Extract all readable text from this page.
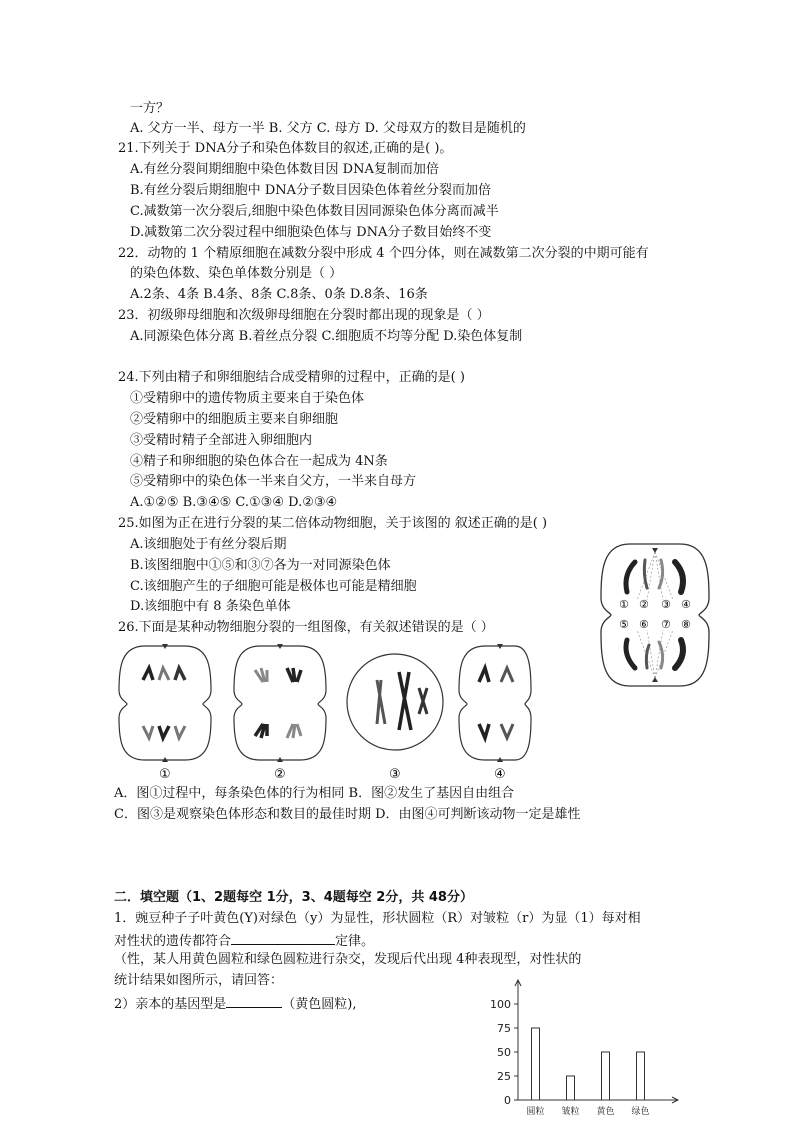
一方？
A. 父方一半、母方一半 B. 父方 C. 母方 D. 父母双方的数目是随机的
21.下列关于 DNA分子和染色体数目的叙述,正确的是( )。
A.有丝分裂间期细胞中染色体数目因 DNA复制而加倍
B.有丝分裂后期细胞中 DNA分子数目因染色体着丝分裂而加倍
C.减数第一次分裂后,细胞中染色体数目因同源染色体分离而减半
D.减数第二次分裂过程中细胞染色体与 DNA分子数目始终不变
22．动物的 1 个精原细胞在减数分裂中形成 4 个四分体，则在减数第二次分裂的中期可能有
的染色体数、染色单体数分别是（ ）
A.2条、4条 B.4条、8条 C.8条、0条 D.8条、16条
23．初级卵母细胞和次级卵母细胞在分裂时都出现的现象是（ ）
A.同源染色体分离 B.着丝点分裂 C.细胞质不均等分配 D.染色体复制
24.下列由精子和卵细胞结合成受精卵的过程中，正确的是( )
①受精卵中的遗传物质主要来自于染色体
②受精卵中的细胞质主要来自卵细胞
③受精时精子全部进入卵细胞内
④精子和卵细胞的染色体合在一起成为 4N条
⑤受精卵中的染色体一半来自父方，一半来自母方
A.①②⑤ B.③④⑤ C.①③④ D.②③④
25.如图为正在进行分裂的某二倍体动物细胞，关于该图的 叙述正确的是( )
A.该细胞处于有丝分裂后期
B.该图细胞中①⑤和③⑦各为一对同源染色体
C.该细胞产生的子细胞可能是极体也可能是精细胞
D.该细胞中有 8 条染色单体	① ② ③ ④
⑤ ⑥ ⑦ ⑧
26.下面是某种动物细胞分裂的一组图像，有关叙述错误的是（ ）
①	②	③	④
A．图①过程中，每条染色体的行为相同 B．图②发生了基因自由组合
C．图③是观察染色体形态和数目的最佳时期 D．由图④可判断该动物一定是雄性
二．填空题（1、2题每空 1分，3、4题每空 2分，共 48分）
1．豌豆种子子叶黄色(Y)对绿色（y）为显性，形状圆粒（R）对皱粒（r）为显（1）每对相
对性状的遗传都符合	定律。
（性，某人用黄色圆粒和绿色圆粒进行杂交，发现后代出现 4种表现型，对性状的
统计结果如图所示，请回答：
2）亲本的基因型是	（黄色圆粒),
0
25
50
75
100
圆粒 皱粒 黄色 绿色
